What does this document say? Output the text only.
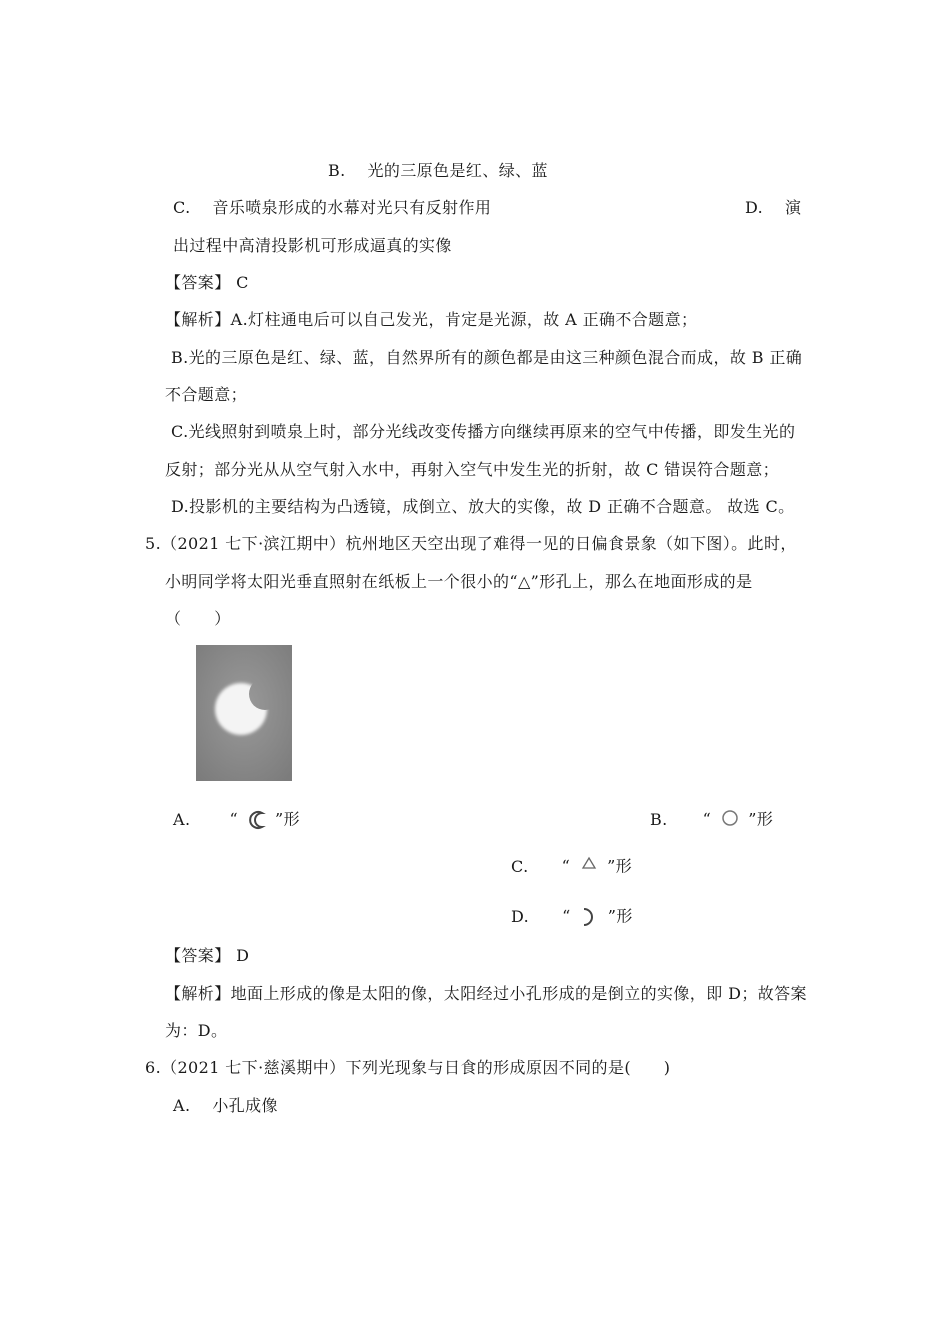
B.　 光的三原色是红、绿、蓝
C.　 音乐喷泉形成的水幕对光只有反射作用	D.　 演
出过程中高清投影机可形成逼真的实像
【答案】 C
【解析】A.灯柱通电后可以自己发光，肯定是光源，故 A 正确不合题意；
B.光的三原色是红、绿、蓝，自然界所有的颜色都是由这三种颜色混合而成，故 B 正确
不合题意；
C.光线照射到喷泉上时，部分光线改变传播方向继续再原来的空气中传播，即发生光的
反射；部分光从从空气射入水中，再射入空气中发生光的折射，故 C 错误符合题意；
D.投影机的主要结构为凸透镜，成倒立、放大的实像，故 D 正确不合题意。 故选 C。
5.（2021 七下·滨江期中）杭州地区天空出现了难得一见的日偏食景象（如下图）。此时，
小明同学将太阳光垂直照射在纸板上一个很小的“△”形孔上，那么在地面形成的是
（　　）
A. “ ”形	B. “ ”形
C. “ ”形
D. “ ”形
【答案】 D
【解析】地面上形成的像是太阳的像，太阳经过小孔形成的是倒立的实像，即 D；故答案
为：D。
6.（2021 七下·慈溪期中）下列光现象与日食的形成原因不同的是(　　)
A.　 小孔成像
